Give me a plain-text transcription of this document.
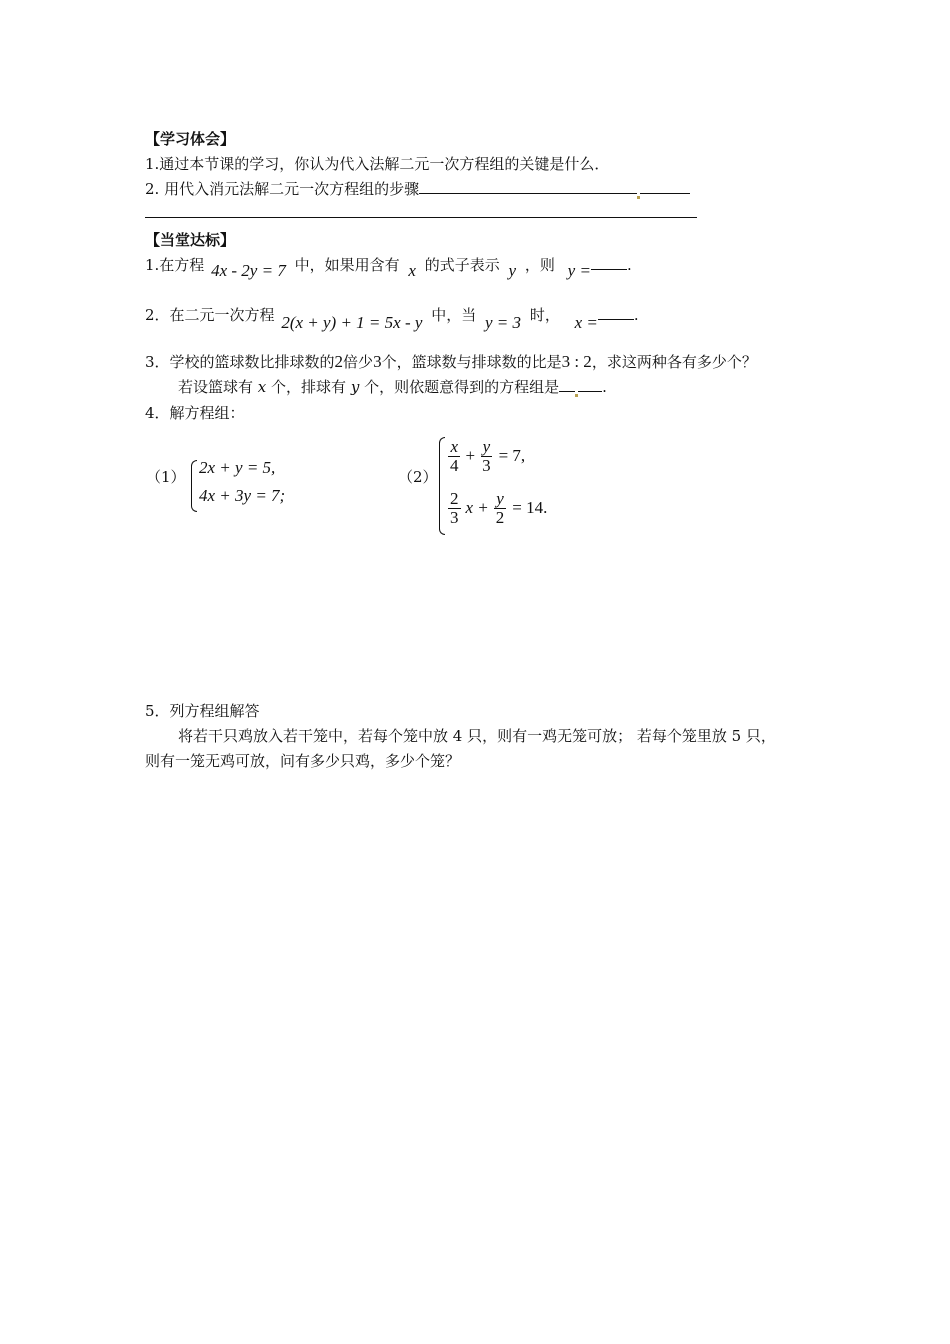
【学习体会】
1.通过本节课的学习，你认为代入法解二元一次方程组的关键是什么．
2. 用代入消元法解二元一次方程组的步骤
【当堂达标】
1.在方程 4x - 2y = 7 中，如果用含有 x 的式子表示 y ，则 y = .
2．在二元一次方程 2(x + y) + 1 = 5x - y 中，当 y = 3 时， x = .
3．学校的篮球数比排球数的2倍少3个，篮球数与排球数的比是3 : 2，求这两种各有多少个？
若设篮球有 x 个，排球有 y 个，则依题意得到的方程组是	.
4．解方程组：
（1） 2x + y = 5,
4x + 3y = 7;
（2）
$\frac{x}{4} + \frac{y}{3} = 7$,
$\frac{2}{3}$ $x + \frac{y}{2} = 14$.
5．列方程组解答
将若干只鸡放入若干笼中，若每个笼中放 4 只，则有一鸡无笼可放； 若每个笼里放 5 只，
则有一笼无鸡可放，问有多少只鸡，多少个笼？
